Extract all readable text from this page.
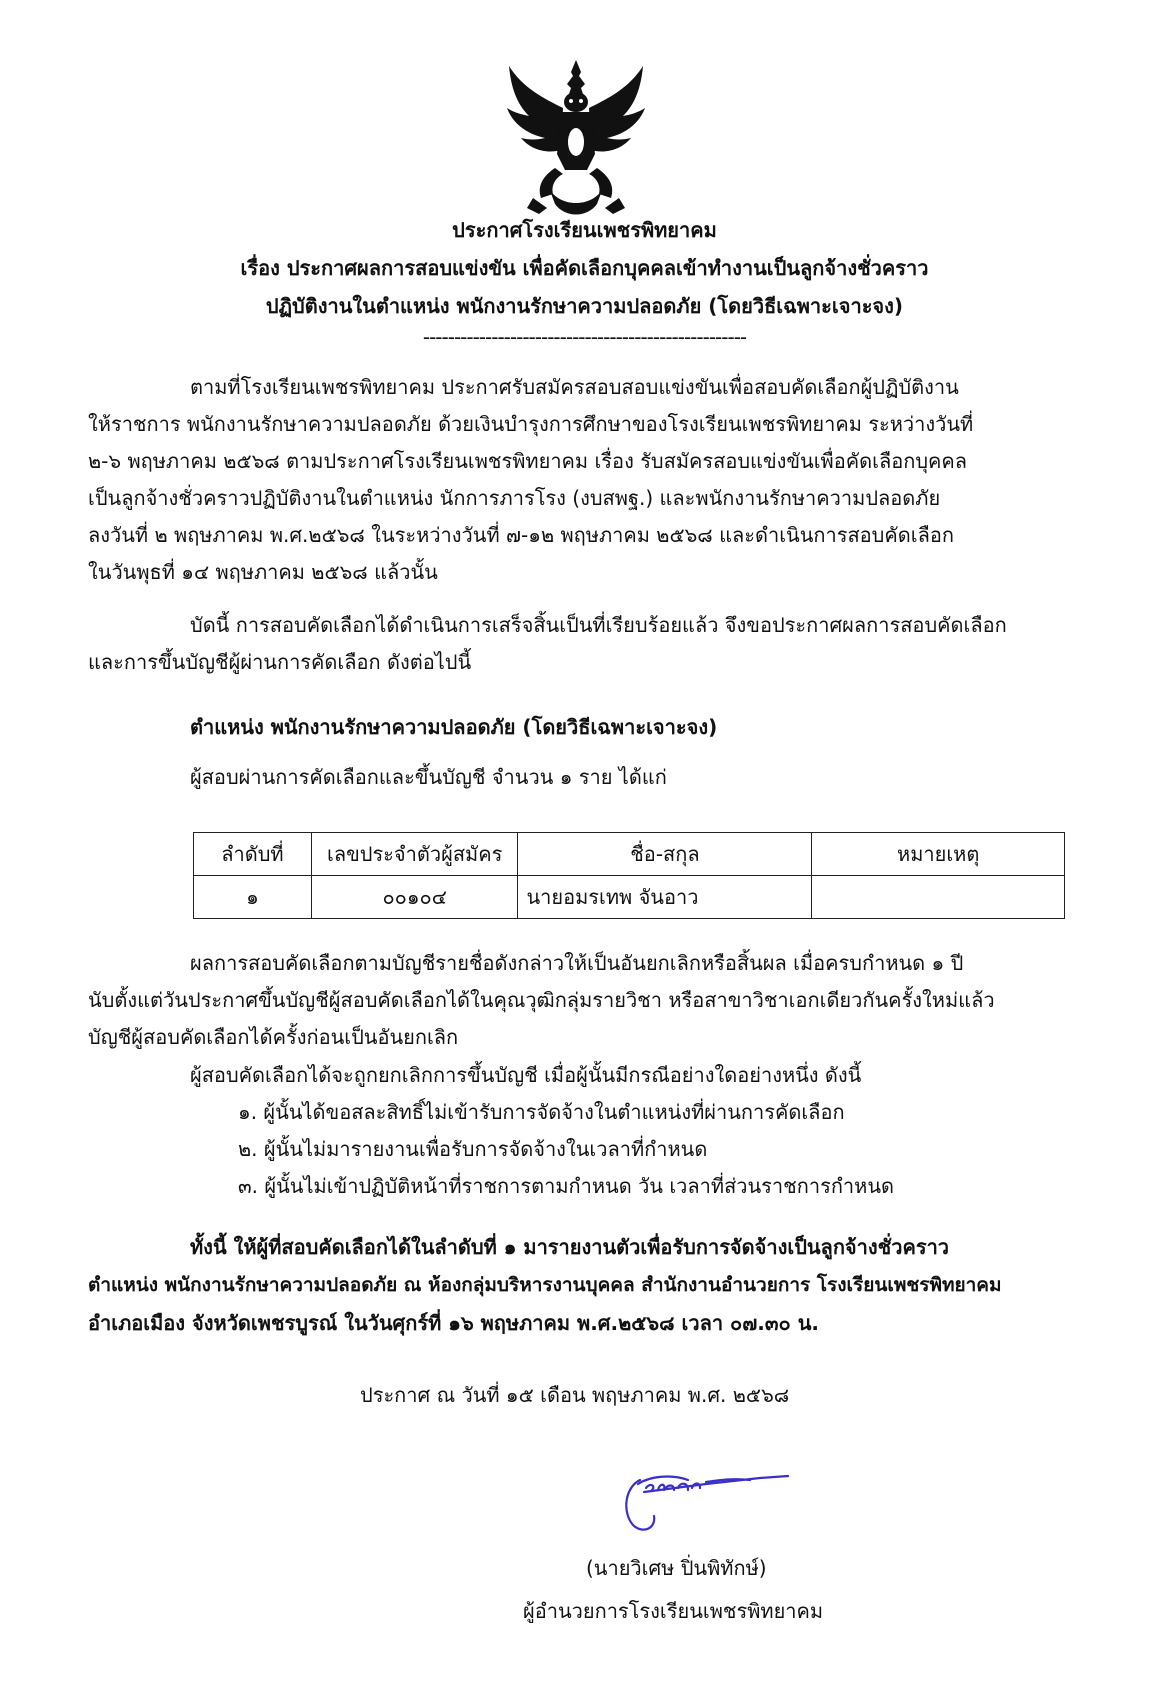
ประกาศโรงเรียนเพชรพิทยาคม
เรื่อง ประกาศผลการสอบแข่งขัน เพื่อคัดเลือกบุคคลเข้าทำงานเป็นลูกจ้างชั่วคราว
ปฏิบัติงานในตำแหน่ง พนักงานรักษาความปลอดภัย (โดยวิธีเฉพาะเจาะจง)
----------------------------------------------------
ตามที่โรงเรียนเพชรพิทยาคม ประกาศรับสมัครสอบสอบแข่งขันเพื่อสอบคัดเลือกผู้ปฏิบัติงาน
ให้ราชการ พนักงานรักษาความปลอดภัย ด้วยเงินบำรุงการศึกษาของโรงเรียนเพชรพิทยาคม ระหว่างวันที่
๒-๖ พฤษภาคม ๒๕๖๘ ตามประกาศโรงเรียนเพชรพิทยาคม เรื่อง รับสมัครสอบแข่งขันเพื่อคัดเลือกบุคคล
เป็นลูกจ้างชั่วคราวปฏิบัติงานในตำแหน่ง นักการภารโรง (งบสพฐ.) และพนักงานรักษาความปลอดภัย
ลงวันที่ ๒ พฤษภาคม พ.ศ.๒๕๖๘ ในระหว่างวันที่ ๗-๑๒ พฤษภาคม ๒๕๖๘ และดำเนินการสอบคัดเลือก
ในวันพุธที่ ๑๔ พฤษภาคม ๒๕๖๘ แล้วนั้น
บัดนี้ การสอบคัดเลือกได้ดำเนินการเสร็จสิ้นเป็นที่เรียบร้อยแล้ว จึงขอประกาศผลการสอบคัดเลือก
และการขึ้นบัญชีผู้ผ่านการคัดเลือก ดังต่อไปนี้
ตำแหน่ง พนักงานรักษาความปลอดภัย (โดยวิธีเฉพาะเจาะจง)
ผู้สอบผ่านการคัดเลือกและขึ้นบัญชี จำนวน ๑ ราย ได้แก่
ลำดับที่	เลขประจำตัวผู้สมัคร	ชื่อ-สกุล	หมายเหตุ
๑	๐๐๑๐๔	นายอมรเทพ จันอาว	
ผลการสอบคัดเลือกตามบัญชีรายชื่อดังกล่าวให้เป็นอันยกเลิกหรือสิ้นผล เมื่อครบกำหนด ๑ ปี
นับตั้งแต่วันประกาศขึ้นบัญชีผู้สอบคัดเลือกได้ในคุณวุฒิกลุ่มรายวิชา หรือสาขาวิชาเอกเดียวกันครั้งใหม่แล้ว
บัญชีผู้สอบคัดเลือกได้ครั้งก่อนเป็นอันยกเลิก
ผู้สอบคัดเลือกได้จะถูกยกเลิกการขึ้นบัญชี เมื่อผู้นั้นมีกรณีอย่างใดอย่างหนึ่ง ดังนี้
๑. ผู้นั้นได้ขอสละสิทธิ์ไม่เข้ารับการจัดจ้างในตำแหน่งที่ผ่านการคัดเลือก
๒. ผู้นั้นไม่มารายงานเพื่อรับการจัดจ้างในเวลาที่กำหนด
๓. ผู้นั้นไม่เข้าปฏิบัติหน้าที่ราชการตามกำหนด วัน เวลาที่ส่วนราชการกำหนด
ทั้งนี้ ให้ผู้ที่สอบคัดเลือกได้ในลำดับที่ ๑ มารายงานตัวเพื่อรับการจัดจ้างเป็นลูกจ้างชั่วคราว
ตำแหน่ง พนักงานรักษาความปลอดภัย ณ ห้องกลุ่มบริหารงานบุคคล สำนักงานอำนวยการ โรงเรียนเพชรพิทยาคม
อำเภอเมือง จังหวัดเพชรบูรณ์ ในวันศุกร์ที่ ๑๖ พฤษภาคม พ.ศ.๒๕๖๘ เวลา ๐๗.๓๐ น.
ประกาศ ณ วันที่ ๑๕ เดือน พฤษภาคม พ.ศ. ๒๕๖๘
(นายวิเศษ ปิ่นพิทักษ์)
ผู้อำนวยการโรงเรียนเพชรพิทยาคม
